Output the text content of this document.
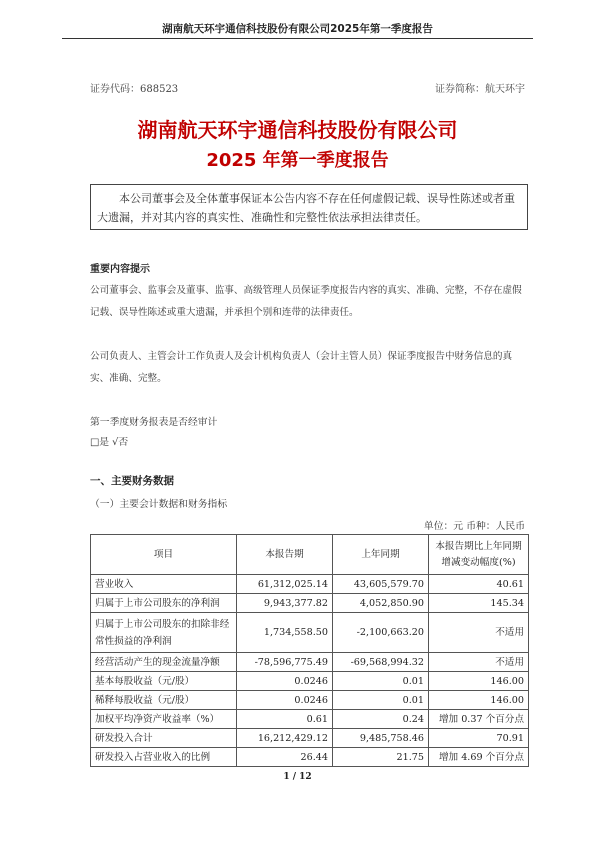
湖南航天环宇通信科技股份有限公司2025年第一季度报告
证券代码：688523	证券简称：航天环宇
湖南航天环宇通信科技股份有限公司
2025 年第一季度报告
本公司董事会及全体董事保证本公告内容不存在任何虚假记载、误导性陈述或者重大遗漏，并对其内容的真实性、准确性和完整性依法承担法律责任。
重要内容提示
公司董事会、监事会及董事、监事、高级管理人员保证季度报告内容的真实、准确、完整，不存在虚假记载、误导性陈述或重大遗漏，并承担个别和连带的法律责任。
公司负责人、主管会计工作负责人及会计机构负责人（会计主管人员）保证季度报告中财务信息的真实、准确、完整。
第一季度财务报表是否经审计
□是 √否
一、主要财务数据
（一）主要会计数据和财务指标
单位：元 币种：人民币
项目	本报告期	上年同期	本报告期比上年同期增减变动幅度(%)
营业收入	61,312,025.14	43,605,579.70	40.61
归属于上市公司股东的净利润	9,943,377.82	4,052,850.90	145.34
归属于上市公司股东的扣除非经常性损益的净利润	1,734,558.50	-2,100,663.20	不适用
经营活动产生的现金流量净额	-78,596,775.49	-69,568,994.32	不适用
基本每股收益（元/股）	0.0246	0.01	146.00
稀释每股收益（元/股）	0.0246	0.01	146.00
加权平均净资产收益率（%）	0.61	0.24	增加 0.37 个百分点
研发投入合计	16,212,429.12	9,485,758.46	70.91
研发投入占营业收入的比例	26.44	21.75	增加 4.69 个百分点
1 / 12
